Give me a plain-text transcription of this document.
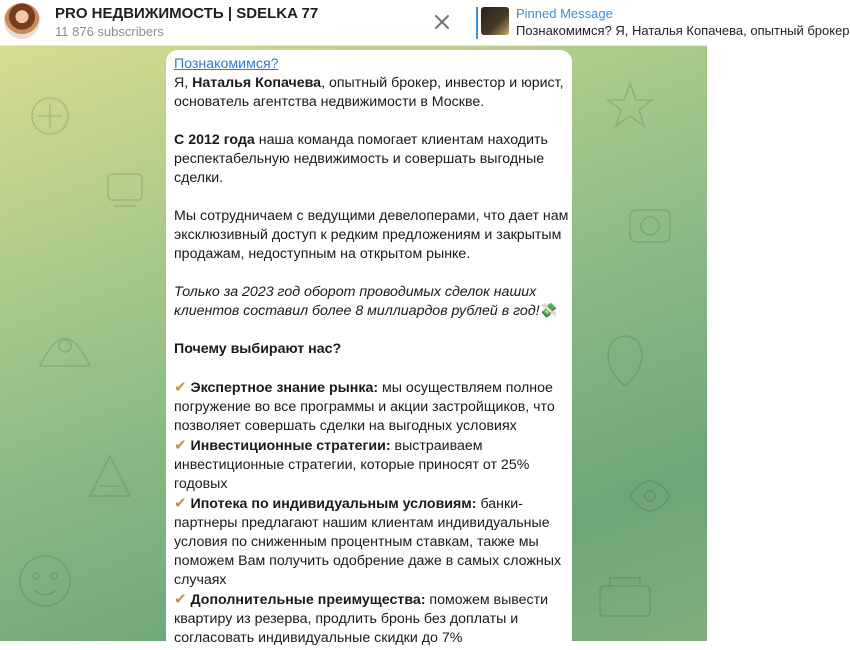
PRO НЕДВИЖИМОСТЬ | SDELKA 77
11 876 subscribers
Pinned Message
Познакомимся? Я, Наталья Копачева, опытный брокер

Познакомимся?

Я, Наталья Копачева, опытный брокер, инвестор и юрист, основатель агентства недвижимости в Москве.

С 2012 года наша команда помогает клиентам находить респектабельную недвижимость и совершать выгодные сделки.

Мы сотрудничаем с ведущими девелоперами, что дает нам эксклюзивный доступ к редким предложениям и закрытым продажам, недоступным на открытом рынке.

Только за 2023 год оборот проводимых сделок наших клиентов составил более 8 миллиардов рублей в год!💸

Почему выбирают нас?

✔ Экспертное знание рынка: мы осуществляем полное погружение во все программы и акции застройщиков, что позволяет совершать сделки на выгодных условиях

✔ Инвестиционные стратегии: выстраиваем инвестиционные стратегии, которые приносят от 25% годовых

✔ Ипотека по индивидуальным условиям: банки-партнеры предлагают нашим клиентам индивидуальные условия по сниженным процентным ставкам, также мы поможем Вам получить одобрение даже в самых сложных случаях

✔ Дополнительные преимущества: поможем вывести квартиру из резерва, продлить бронь без доплаты и согласовать индивидуальные скидки до 7%
